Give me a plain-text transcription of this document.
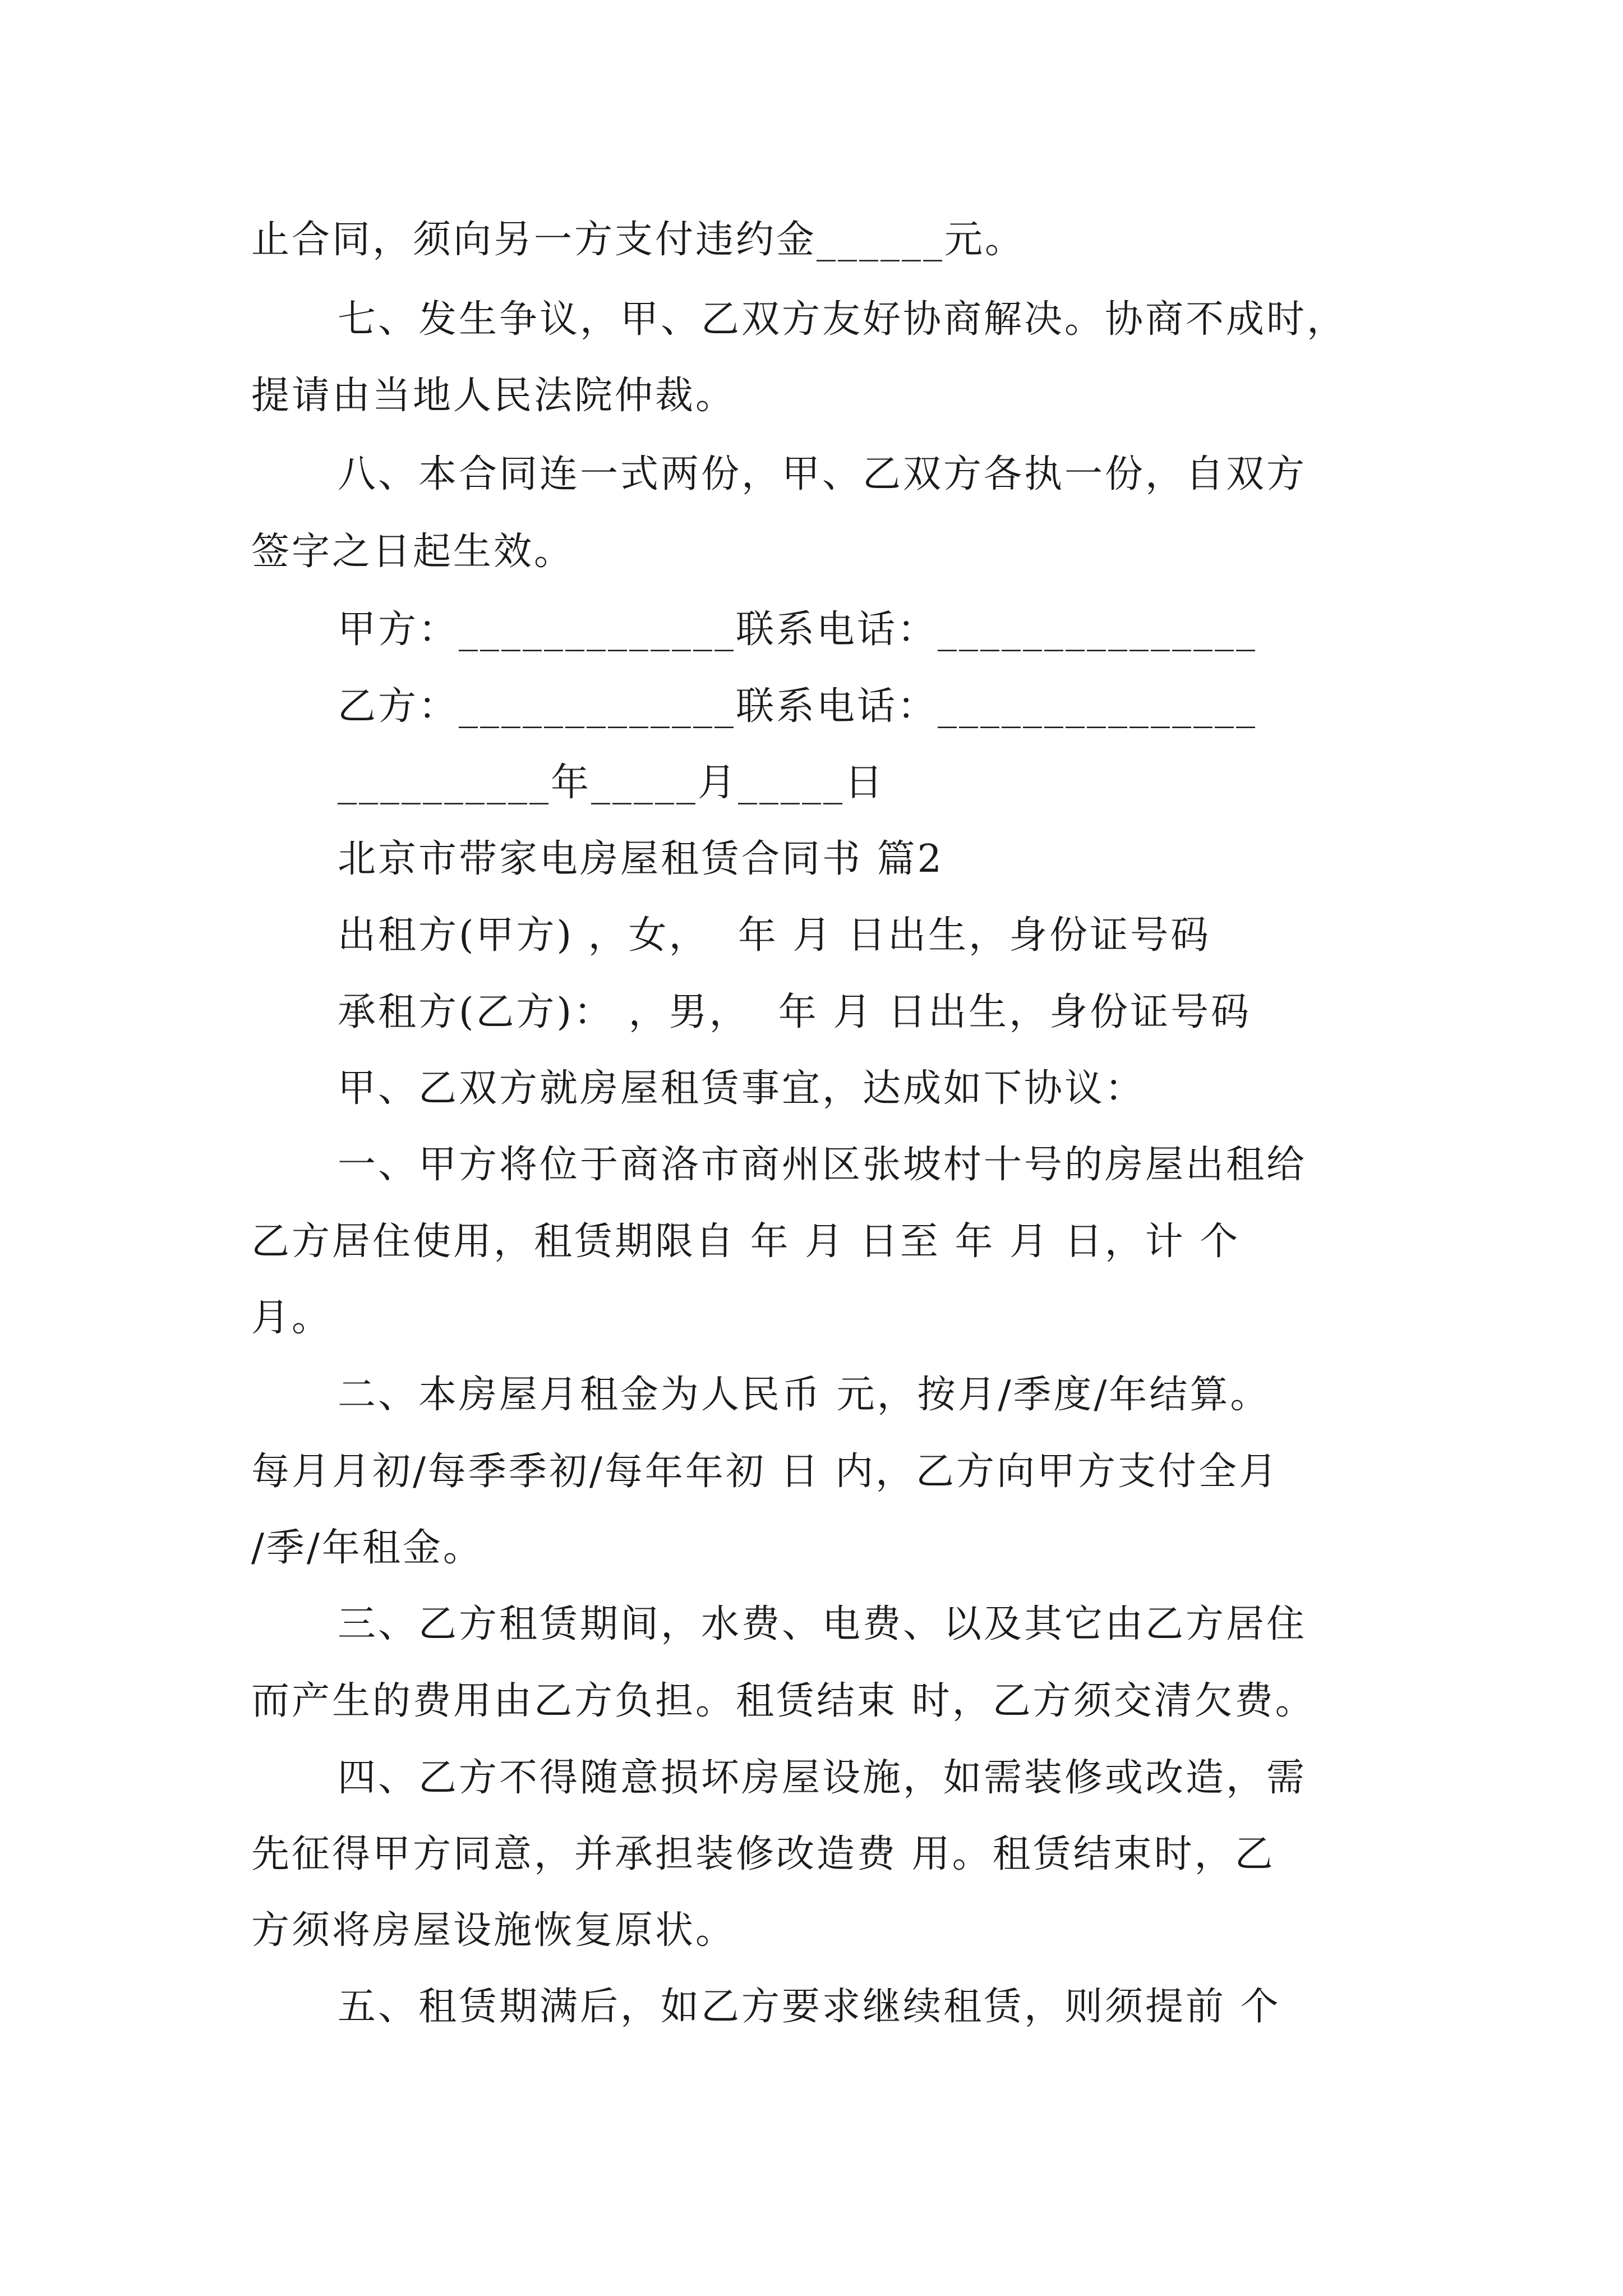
止合同，须向另一方支付违约金______元。
七、发生争议，甲、乙双方友好协商解决。协商不成时，
提请由当地人民法院仲裁。
八、本合同连一式两份，甲、乙双方各执一份，自双方
签字之日起生效。
甲方：_____________联系电话：_______________
乙方：_____________联系电话：_______________
__________年_____月_____日
北京市带家电房屋租赁合同书 篇2
出租方(甲方) ，女，  年 月 日出生，身份证号码
承租方(乙方)： ，男，  年 月 日出生，身份证号码
甲、乙双方就房屋租赁事宜，达成如下协议：
一、甲方将位于商洛市商州区张坡村十号的房屋出租给
乙方居住使用，租赁期限自 年 月 日至 年 月 日，计 个
月。
二、本房屋月租金为人民币 元，按月/季度/年结算。
每月月初/每季季初/每年年初 日 内，乙方向甲方支付全月
/季/年租金。
三、乙方租赁期间，水费、电费、以及其它由乙方居住
而产生的费用由乙方负担。租赁结束 时，乙方须交清欠费。
四、乙方不得随意损坏房屋设施，如需装修或改造，需
先征得甲方同意，并承担装修改造费 用。租赁结束时，乙
方须将房屋设施恢复原状。
五、租赁期满后，如乙方要求继续租赁，则须提前 个
